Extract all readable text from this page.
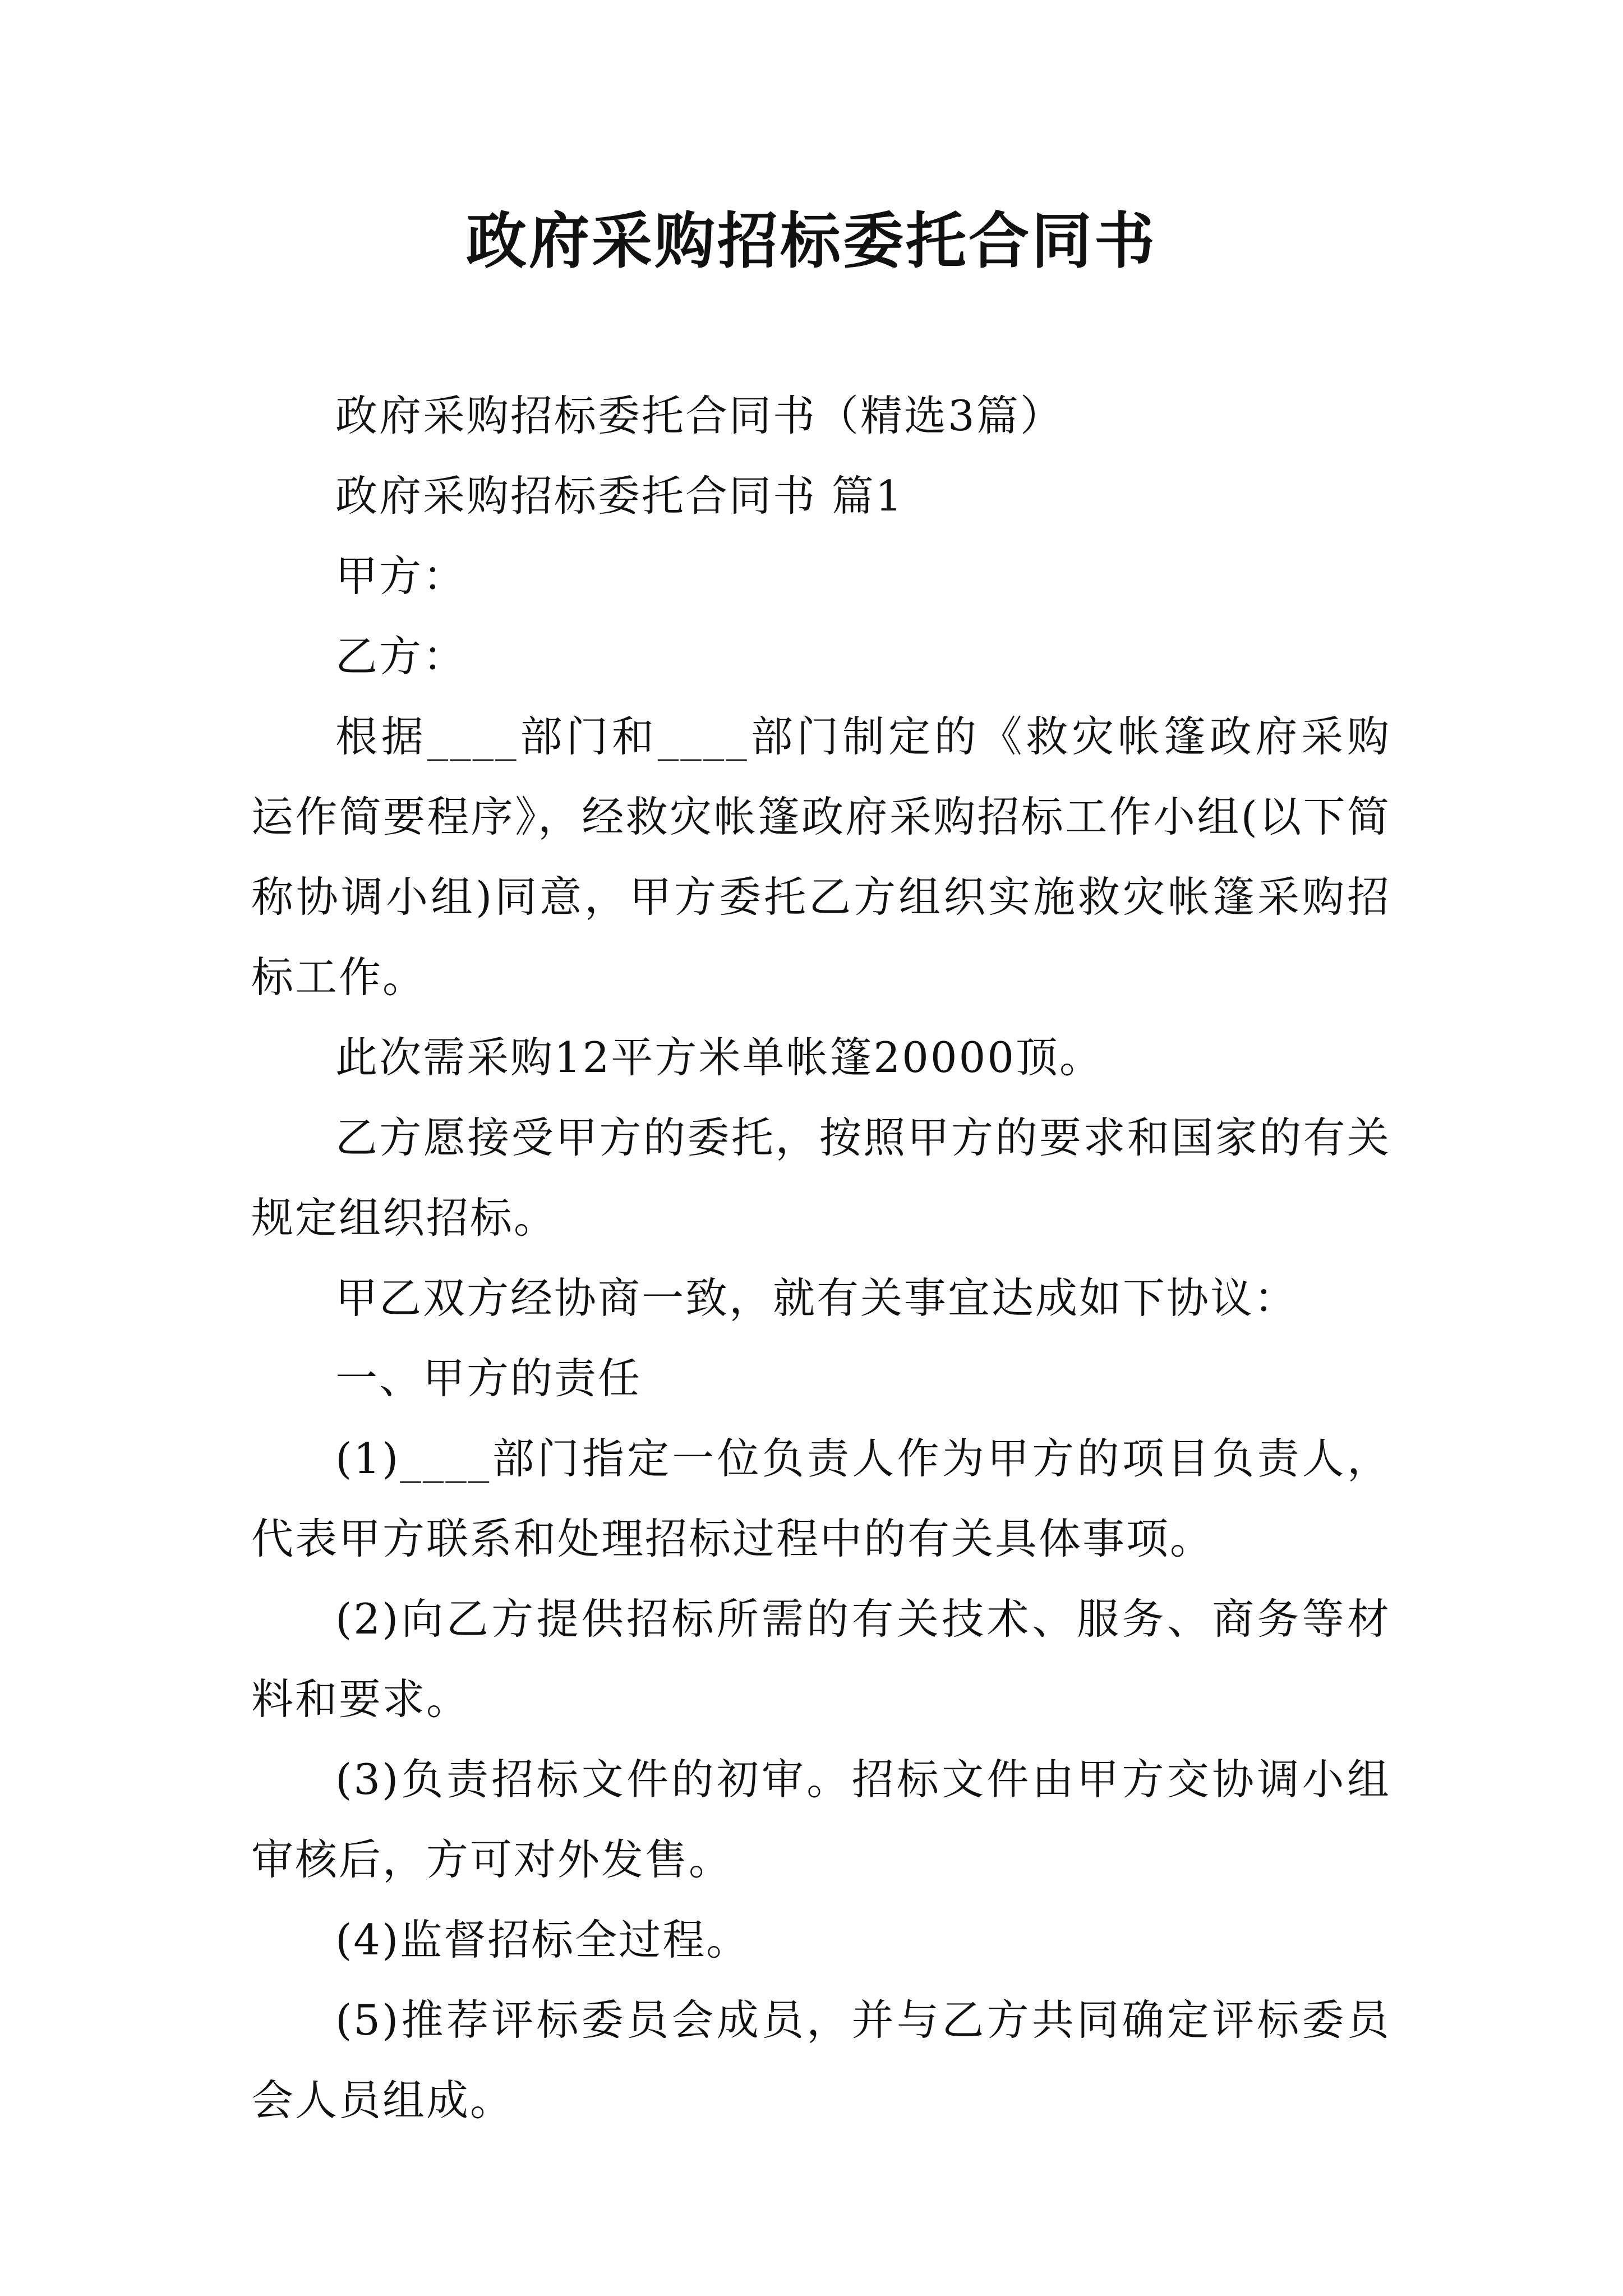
政府采购招标委托合同书

政府采购招标委托合同书（精选3篇）

政府采购招标委托合同书 篇1

甲方：

乙方：

根据____部门和____部门制定的《救灾帐篷政府采购运作简要程序》，经救灾帐篷政府采购招标工作小组(以下简称协调小组)同意，甲方委托乙方组织实施救灾帐篷采购招标工作。

此次需采购12平方米单帐篷20000顶。

乙方愿接受甲方的委托，按照甲方的要求和国家的有关规定组织招标。

甲乙双方经协商一致，就有关事宜达成如下协议：

一、甲方的责任

(1)____部门指定一位负责人作为甲方的项目负责人，代表甲方联系和处理招标过程中的有关具体事项。

(2)向乙方提供招标所需的有关技术、服务、商务等材料和要求。

(3)负责招标文件的初审。招标文件由甲方交协调小组审核后，方可对外发售。

(4)监督招标全过程。

(5)推荐评标委员会成员，并与乙方共同确定评标委员会人员组成。
